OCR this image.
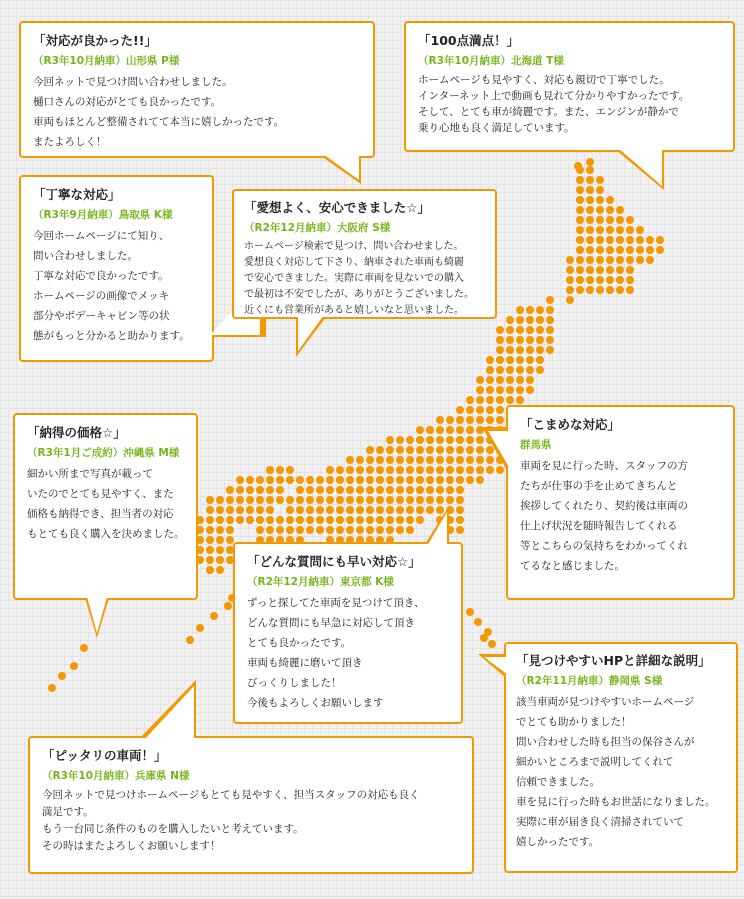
「対応が良かった!!」
（R3年10月納車）山形県 P様
今回ネットで見つけ問い合わせしました。
樋口さんの対応がとても良かったです。
車両もほとんど整備されてて本当に嬉しかったです。
またよろしく！
「100点満点！」
（R3年10月納車）北海道 T様
ホームページも見やすく、対応も親切で丁寧でした。
インターネット上で動画も見れて分かりやすかったです。
そして、とても車が綺麗です。また、エンジンが静かで
乗り心地も良く満足しています。
「丁寧な対応」
（R3年9月納車）鳥取県 K様
今回ホームページにて知り、
問い合わせしました。
丁寧な対応で良かったです。
ホームページの画像でメッキ
部分やボデーキャビン等の状
態がもっと分かると助かります。
「愛想よく、安心できました☆」
（R2年12月納車）大阪府 S様
ホームページ検索で見つけ、問い合わせました。
愛想良く対応して下さり、納車された車両も綺麗
で安心できました。実際に車両を見ないでの購入
で最初は不安でしたが、ありがとうございました。
近くにも営業所があると嬉しいなと思いました。
「納得の価格☆」
（R3年1月ご成約）沖縄県 M様
細かい所まで写真が載って
いたのでとても見やすく、また
価格も納得でき、担当者の対応
もとても良く購入を決めました。
「こまめな対応」
群馬県
車両を見に行った時、スタッフの方
たちが仕事の手を止めてきちんと
挨拶してくれたり、契約後は車両の
仕上げ状況を随時報告してくれる
等とこちらの気持ちをわかってくれ
てるなと感じました。
「どんな質問にも早い対応☆」
（R2年12月納車）東京都 K様
ずっと探してた車両を見つけて頂き、
どんな質問にも早急に対応して頂き
とても良かったです。
車両も綺麗に磨いて頂き
びっくりしました！
今後もよろしくお願いします
「見つけやすいHPと詳細な説明」
（R2年11月納車）静岡県 S様
該当車両が見つけやすいホームページ
でとても助かりました！
問い合わせした時も担当の保谷さんが
細かいところまで説明してくれて
信頼できました。
車を見に行った時もお世話になりました。
実際に車が届き良く清掃されていて
嬉しかったです。
「ピッタリの車両！」
（R3年10月納車）兵庫県 N様
今回ネットで見つけホームページもとても見やすく、担当スタッフの対応も良く
満足です。
もう一台同じ条件のものを購入したいと考えています。
その時はまたよろしくお願いします！
